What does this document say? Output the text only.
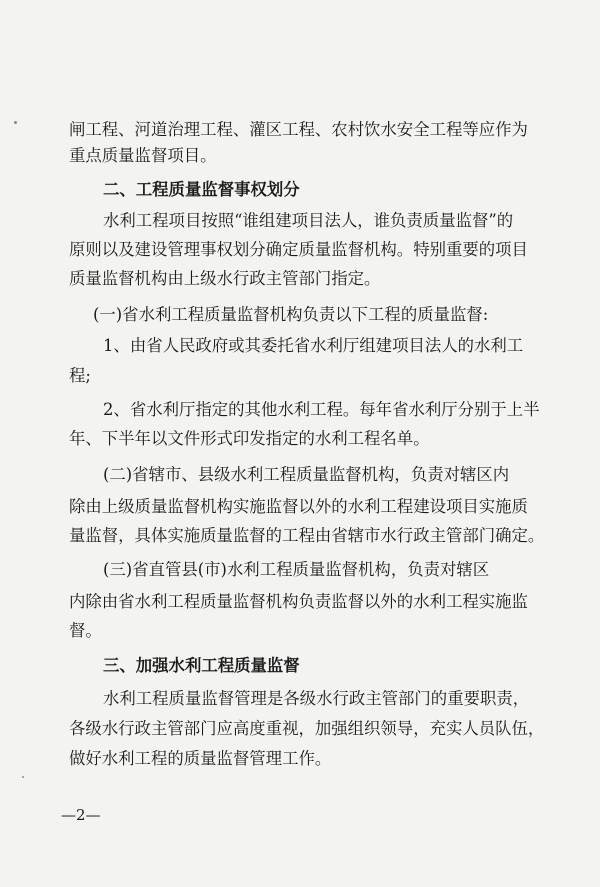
闸工程、河道治理工程、灌区工程、农村饮水安全工程等应作为
重点质量监督项目。
二、工程质量监督事权划分
水利工程项目按照“谁组建项目法人，谁负责质量监督”的
原则以及建设管理事权划分确定质量监督机构。特别重要的项目
质量监督机构由上级水行政主管部门指定。
(一)省水利工程质量监督机构负责以下工程的质量监督:
1、由省人民政府或其委托省水利厅组建项目法人的水利工
程;
2、省水利厅指定的其他水利工程。每年省水利厅分别于上半
年、下半年以文件形式印发指定的水利工程名单。
(二)省辖市、县级水利工程质量监督机构，负责对辖区内
除由上级质量监督机构实施监督以外的水利工程建设项目实施质
量监督，具体实施质量监督的工程由省辖市水行政主管部门确定。
(三)省直管县(市)水利工程质量监督机构，负责对辖区
内除由省水利工程质量监督机构负责监督以外的水利工程实施监
督。
三、加强水利工程质量监督
水利工程质量监督管理是各级水行政主管部门的重要职责，
各级水行政主管部门应高度重视，加强组织领导，充实人员队伍，
做好水利工程的质量监督管理工作。
—2—
